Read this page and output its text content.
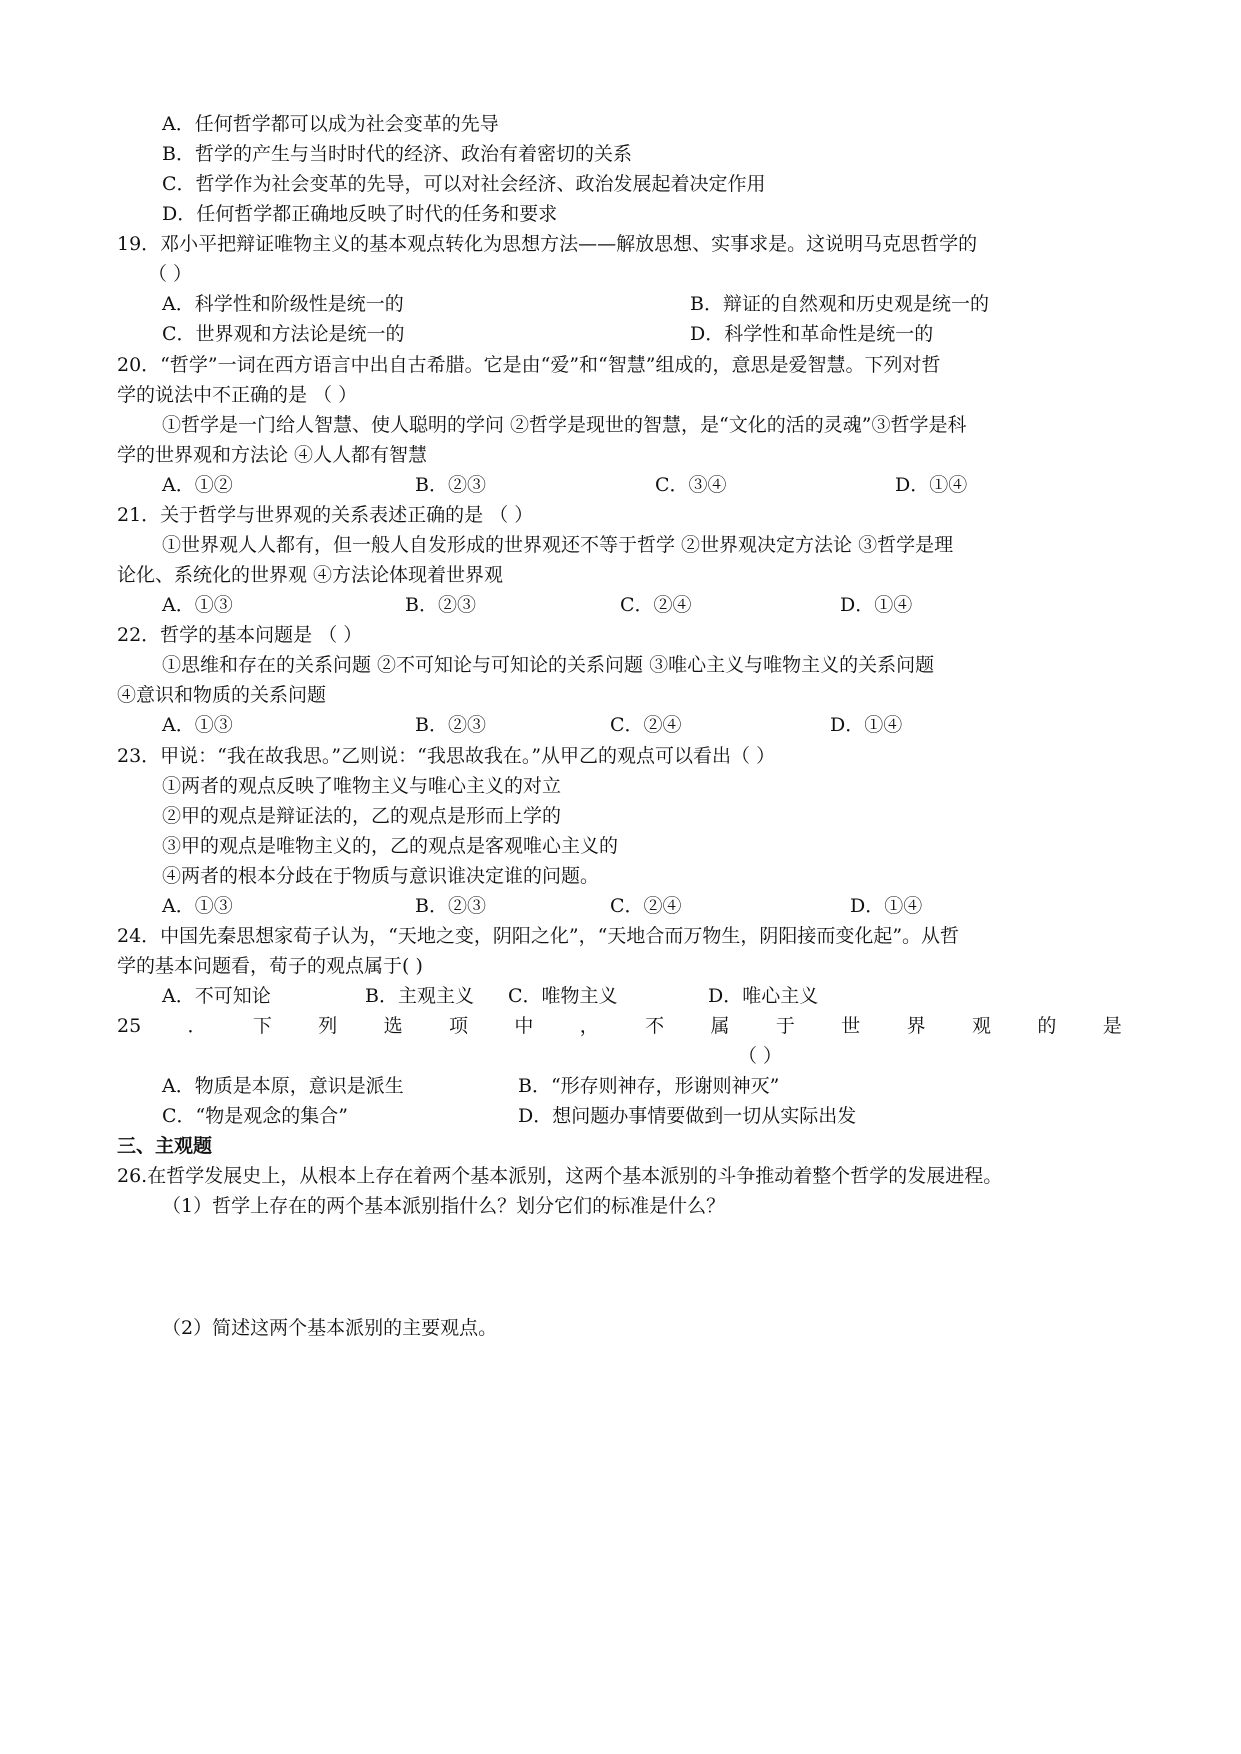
A．任何哲学都可以成为社会变革的先导
B．哲学的产生与当时时代的经济、政治有着密切的关系
C．哲学作为社会变革的先导，可以对社会经济、政治发展起着决定作用
D．任何哲学都正确地反映了时代的任务和要求
19．邓小平把辩证唯物主义的基本观点转化为思想方法——解放思想、实事求是。这说明马克思哲学的
（ ）
A．科学性和阶级性是统一的	B．辩证的自然观和历史观是统一的
C．世界观和方法论是统一的	D．科学性和革命性是统一的
20．“哲学”一词在西方语言中出自古希腊。它是由“爱”和“智慧”组成的，意思是爱智慧。下列对哲
学的说法中不正确的是 （ ）
①哲学是一门给人智慧、使人聪明的学问 ②哲学是现世的智慧，是“文化的活的灵魂”③哲学是科
学的世界观和方法论 ④人人都有智慧
A．①②	B．②③	C．③④	D．①④
21．关于哲学与世界观的关系表述正确的是 （ ）
①世界观人人都有，但一般人自发形成的世界观还不等于哲学 ②世界观决定方法论 ③哲学是理
论化、系统化的世界观 ④方法论体现着世界观
A．①③	B．②③	C．②④	D．①④
22．哲学的基本问题是 （ ）
①思维和存在的关系问题 ②不可知论与可知论的关系问题 ③唯心主义与唯物主义的关系问题
④意识和物质的关系问题
A．①③	B．②③	C．②④	D．①④
23．甲说：“我在故我思。”乙则说：“我思故我在。”从甲乙的观点可以看出（ ）
①两者的观点反映了唯物主义与唯心主义的对立
②甲的观点是辩证法的，乙的观点是形而上学的
③甲的观点是唯物主义的，乙的观点是客观唯心主义的
④两者的根本分歧在于物质与意识谁决定谁的问题。
A．①③	B．②③	C．②④	D．①④
24．中国先秦思想家荀子认为，“天地之变，阴阳之化”，“天地合而万物生，阴阳接而变化起”。从哲
学的基本问题看，荀子的观点属于( )
A．不可知论	B．主观主义 C．唯物主义	D．唯心主义
25 ． 下 列 选 项 中 ， 不 属 于 世 界 观 的 是
（ ）
A．物质是本原，意识是派生	B．“形存则神存，形谢则神灭”
C．“物是观念的集合”	D．想问题办事情要做到一切从实际出发
三、主观题
26.在哲学发展史上，从根本上存在着两个基本派别，这两个基本派别的斗争推动着整个哲学的发展进程。
（1）哲学上存在的两个基本派别指什么？划分它们的标准是什么？
（2）简述这两个基本派别的主要观点。
